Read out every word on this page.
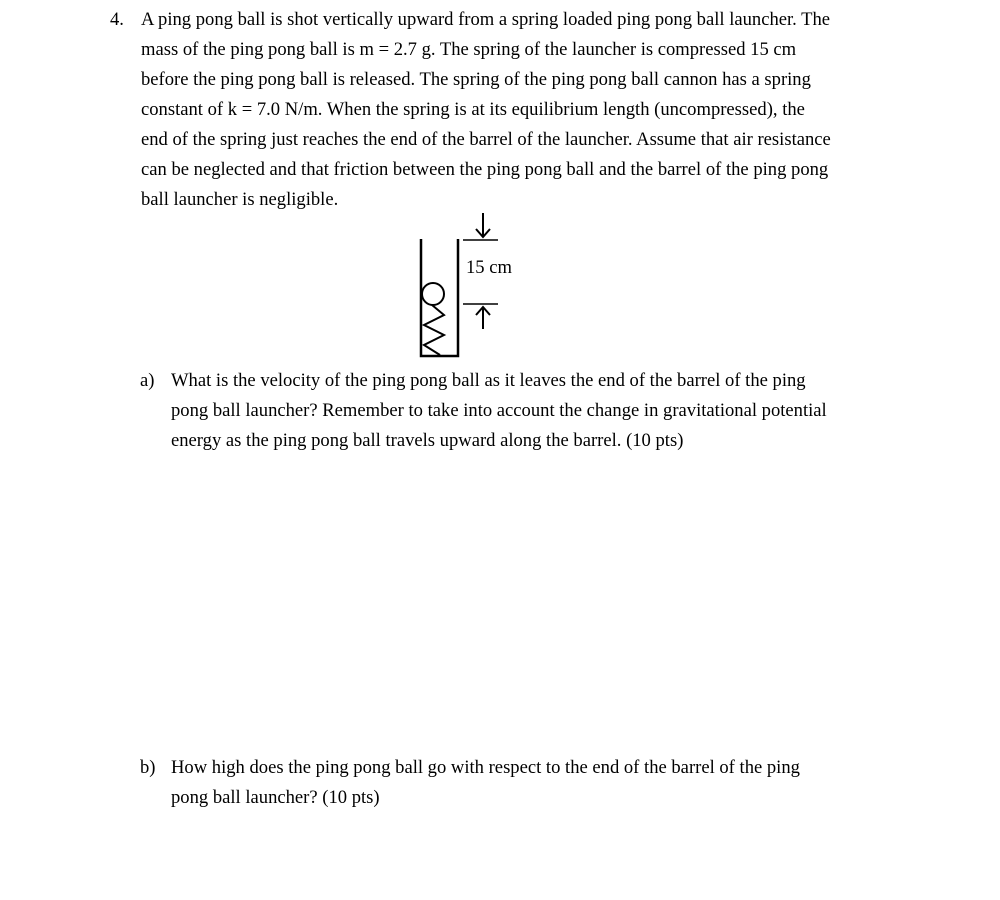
4. A ping pong ball is shot vertically upward from a spring loaded ping pong ball launcher. The
mass of the ping pong ball is m = 2.7 g. The spring of the launcher is compressed 15 cm
before the ping pong ball is released. The spring of the ping pong ball cannon has a spring
constant of k = 7.0 N/m. When the spring is at its equilibrium length (uncompressed), the
end of the spring just reaches the end of the barrel of the launcher. Assume that air resistance
can be neglected and that friction between the ping pong ball and the barrel of the ping pong
ball launcher is negligible.
15 cm
a) What is the velocity of the ping pong ball as it leaves the end of the barrel of the ping
pong ball launcher? Remember to take into account the change in gravitational potential
energy as the ping pong ball travels upward along the barrel. (10 pts)
b) How high does the ping pong ball go with respect to the end of the barrel of the ping
pong ball launcher? (10 pts)
